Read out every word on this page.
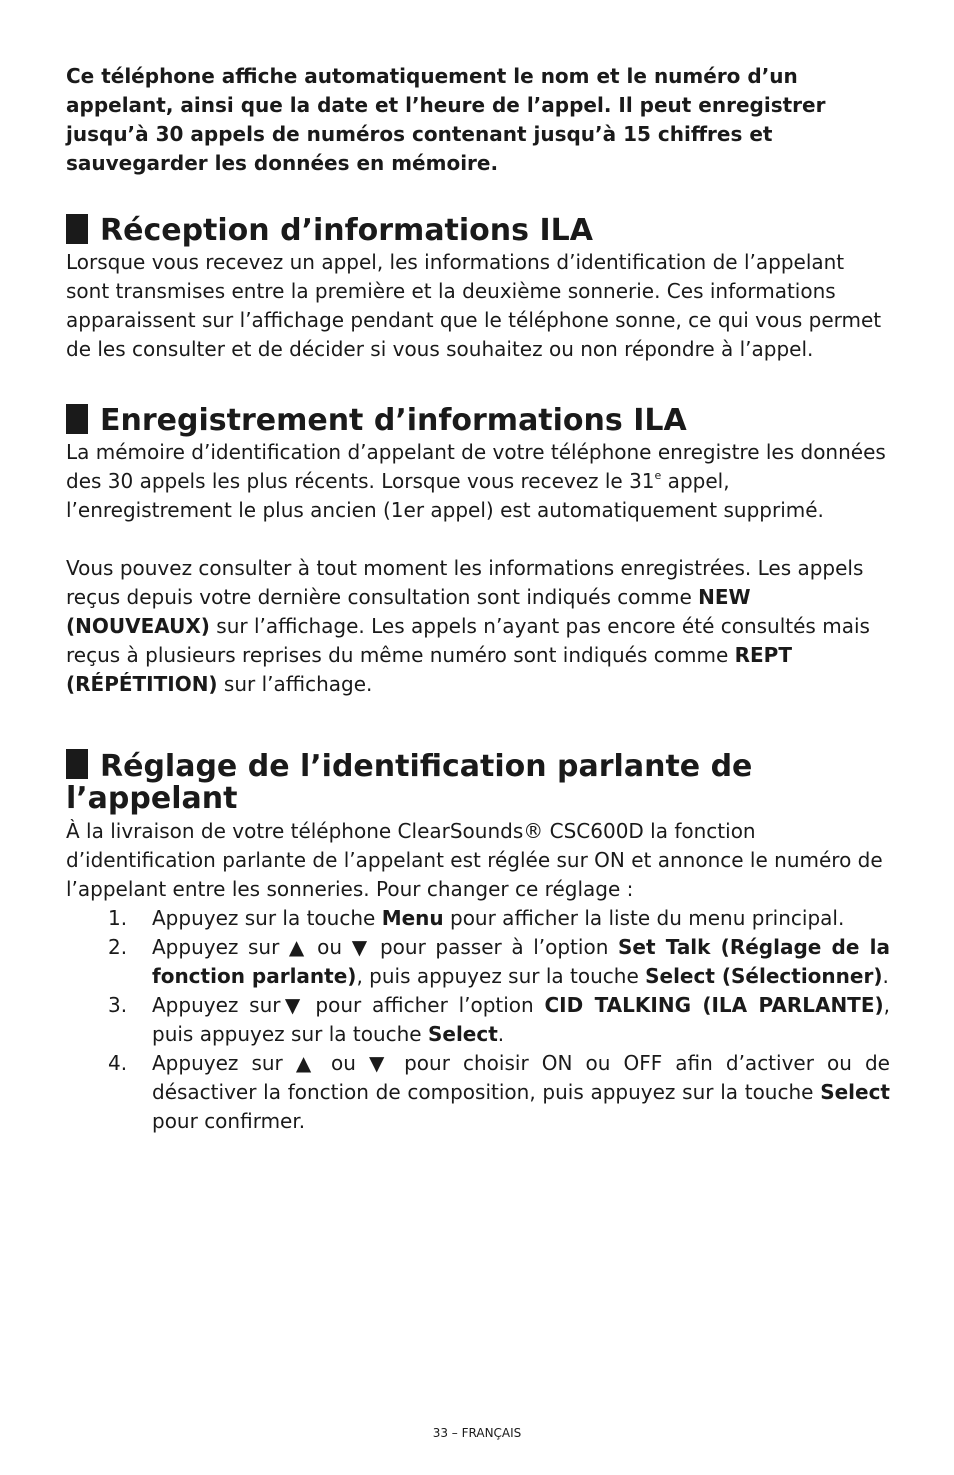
Ce téléphone affiche automatiquement le nom et le numéro d’un appelant, ainsi que la date et l’heure de l’appel. Il peut enregistrer jusqu’à 30 appels de numéros contenant jusqu’à 15 chiffres et sauvegarder les données en mémoire.

Réception d’informations ILA

Lorsque vous recevez un appel, les informations d’identification de l’appelant sont transmises entre la première et la deuxième sonnerie. Ces informations apparaissent sur l’affichage pendant que le téléphone sonne, ce qui vous permet de les consulter et de décider si vous souhaitez ou non répondre à l’appel.

Enregistrement d’informations ILA

La mémoire d’identification d’appelant de votre téléphone enregistre les données des 30 appels les plus récents. Lorsque vous recevez le 31e appel, l’enregistrement le plus ancien (1er appel) est automatiquement supprimé.

Vous pouvez consulter à tout moment les informations enregistrées. Les appels reçus depuis votre dernière consultation sont indiqués comme NEW (NOUVEAUX) sur l’affichage. Les appels n’ayant pas encore été consultés mais reçus à plusieurs reprises du même numéro sont indiqués comme REPT (RÉPÉTITION) sur l’affichage.

Réglage de l’identification parlante de
l’appelant

À la livraison de votre téléphone ClearSounds® CSC600D la fonction d’identification parlante de l’appelant est réglée sur ON et annonce le numéro de l’appelant entre les sonneries. Pour changer ce réglage :

1. Appuyez sur la touche Menu pour afficher la liste du menu principal.
2. Appuyez sur ▲ ou ▼ pour passer à l’option Set Talk (Réglage de la fonction parlante), puis appuyez sur la touche Select (Sélectionner).
3. Appuyez sur▼ pour afficher l’option CID TALKING (ILA PARLANTE), puis appuyez sur la touche Select.
4. Appuyez sur ▲ ou ▼ pour choisir ON ou OFF afin d’activer ou de désactiver la fonction de composition, puis appuyez sur la touche Select pour confirmer.
33 – FRANÇAIS
